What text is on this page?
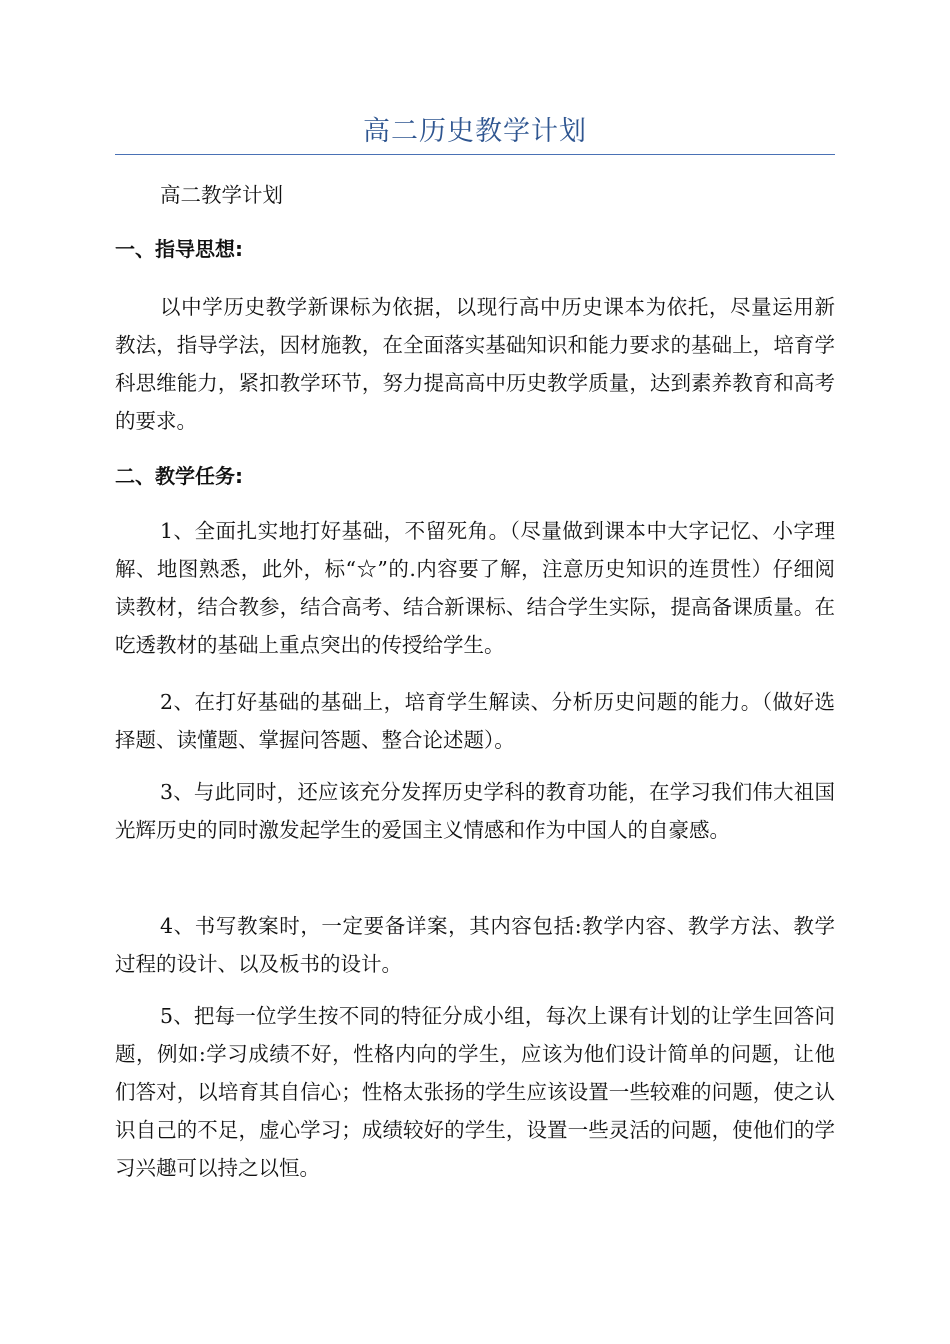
高二历史教学计划

高二教学计划

一、指导思想:

以中学历史教学新课标为依据，以现行高中历史课本为依托，尽量运用新教法，指导学法，因材施教，在全面落实基础知识和能力要求的基础上，培育学科思维能力，紧扣教学环节，努力提高高中历史教学质量，达到素养教育和高考的要求。

二、教学任务:

1、全面扎实地打好基础，不留死角。（尽量做到课本中大字记忆、小字理解、地图熟悉，此外，标“☆”的.内容要了解，注意历史知识的连贯性）仔细阅读教材，结合教参，结合高考、结合新课标、结合学生实际，提高备课质量。在吃透教材的基础上重点突出的传授给学生。

2、在打好基础的基础上，培育学生解读、分析历史问题的能力。（做好选择题、读懂题、掌握问答题、整合论述题）。

3、与此同时，还应该充分发挥历史学科的教育功能，在学习我们伟大祖国光辉历史的同时激发起学生的爱国主义情感和作为中国人的自豪感。

4、书写教案时，一定要备详案，其内容包括:教学内容、教学方法、教学过程的设计、以及板书的设计。

5、把每一位学生按不同的特征分成小组，每次上课有计划的让学生回答问题，例如:学习成绩不好，性格内向的学生，应该为他们设计简单的问题，让他们答对，以培育其自信心；性格太张扬的学生应该设置一些较难的问题，使之认识自己的不足，虚心学习；成绩较好的学生，设置一些灵活的问题，使他们的学习兴趣可以持之以恒。
